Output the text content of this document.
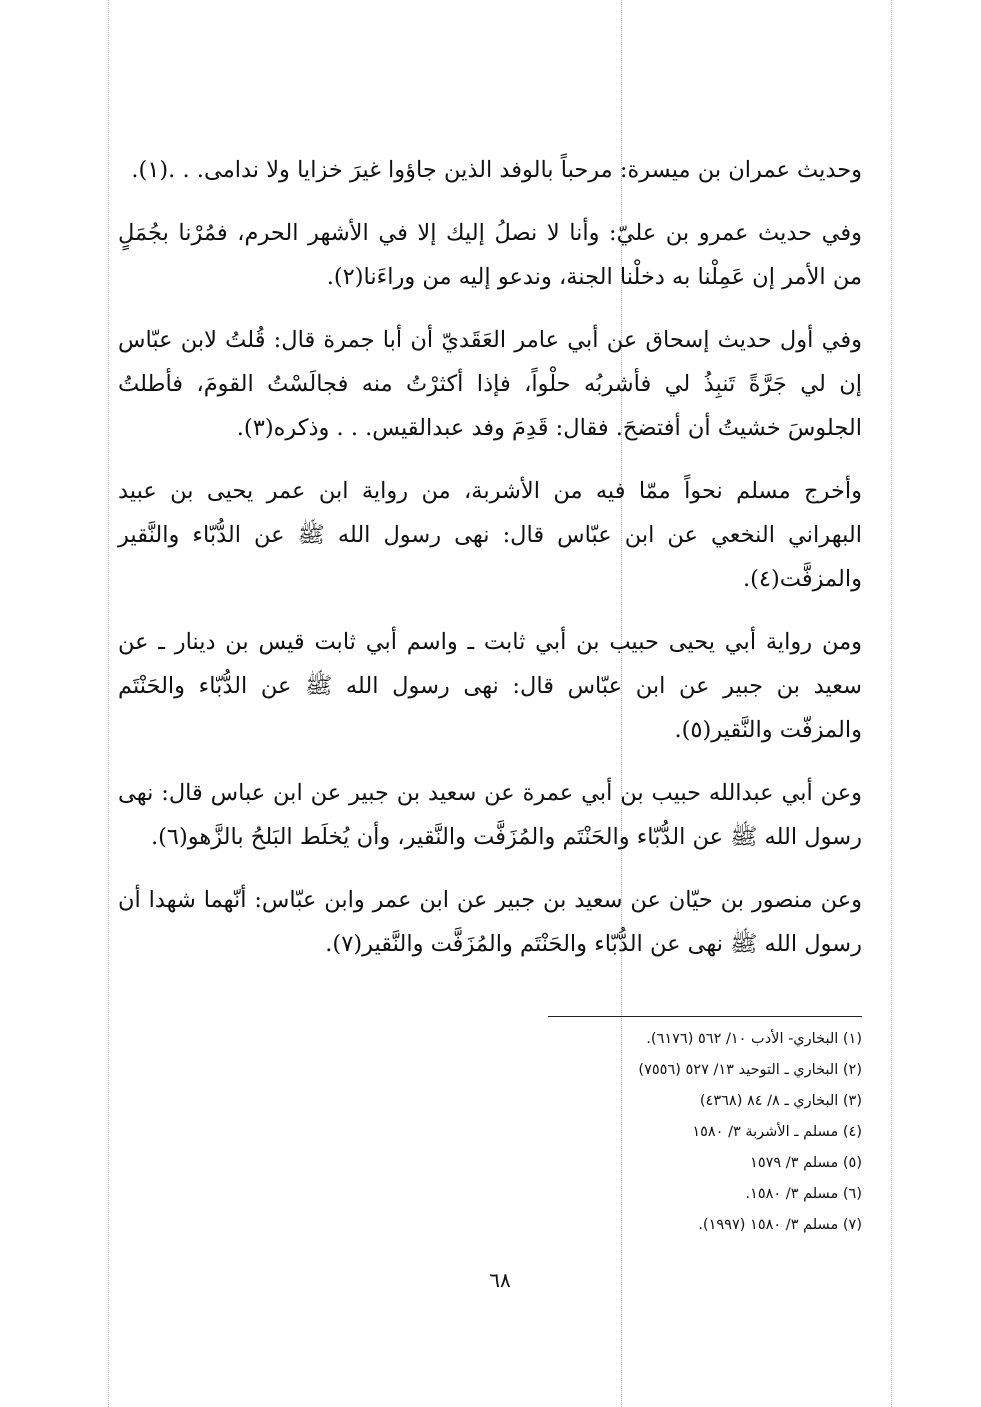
وحديث عمران بن ميسرة: مرحباً بالوفد الذين جاؤوا غيرَ خزايا ولا ندامى. . .(١).

وفي حديث عمرو بن عليّ: وأنا لا نصلُ إليك إلا في الأشهر الحرم، فمُرْنا بجُمَلٍ من الأمر إن عَمِلْنا به دخلْنا الجنة، وندعو إليه من وراءَنا(٢).

وفي أول حديث إسحاق عن أبي عامر العَقَديّ أن أبا جمرة قال: قُلتُ لابن عبّاس إن لي جَرَّةً تَنبِذُ لي فأشربُه حلْواً، فإذا أكثرْتُ منه فجالَسْتُ القومَ، فأطلتُ الجلوسَ خشيتُ أن أفتضحَ. فقال: قَدِمَ وفد عبدالقيس. . . وذكره(٣).

وأخرج مسلم نحواً ممّا فيه من الأشربة، من رواية ابن عمر يحيى بن عبيد البهراني النخعي عن ابن عبّاس قال: نهى رسول الله ﷺ عن الدُّبّاء والنَّقير والمزفَّت(٤).

ومن رواية أبي يحيى حبيب بن أبي ثابت ـ واسم أبي ثابت قيس بن دينار ـ عن سعيد بن جبير عن ابن عبّاس قال: نهى رسول الله ﷺ عن الدُّبّاء والحَنْتَم والمزفّت والنَّقير(٥).

وعن أبي عبدالله حبيب بن أبي عمرة عن سعيد بن جبير عن ابن عباس قال: نهى رسول الله ﷺ عن الدُّبّاء والحَنْتَم والمُزَفَّت والنَّقير، وأن يُخلَط البَلحُ بالزَّهو(٦).

وعن منصور بن حيّان عن سعيد بن جبير عن ابن عمر وابن عبّاس: أنّهما شهدا أن رسول الله ﷺ نهى عن الدُّبّاء والحَنْتَم والمُزَفَّت والنَّقير(٧).

(١) البخاري- الأدب ١٠/ ٥٦٢ (٦١٧٦).
(٢) البخاري ـ التوحيد ١٣/ ٥٢٧ (٧٥٥٦)
(٣) البخاري ـ ٨/ ٨٤ (٤٣٦٨)
(٤) مسلم ـ الأشربة ٣/ ١٥٨٠
(٥) مسلم ٣/ ١٥٧٩
(٦) مسلم ٣/ ١٥٨٠.
(٧) مسلم ٣/ ١٥٨٠ (١٩٩٧).
٦٨
